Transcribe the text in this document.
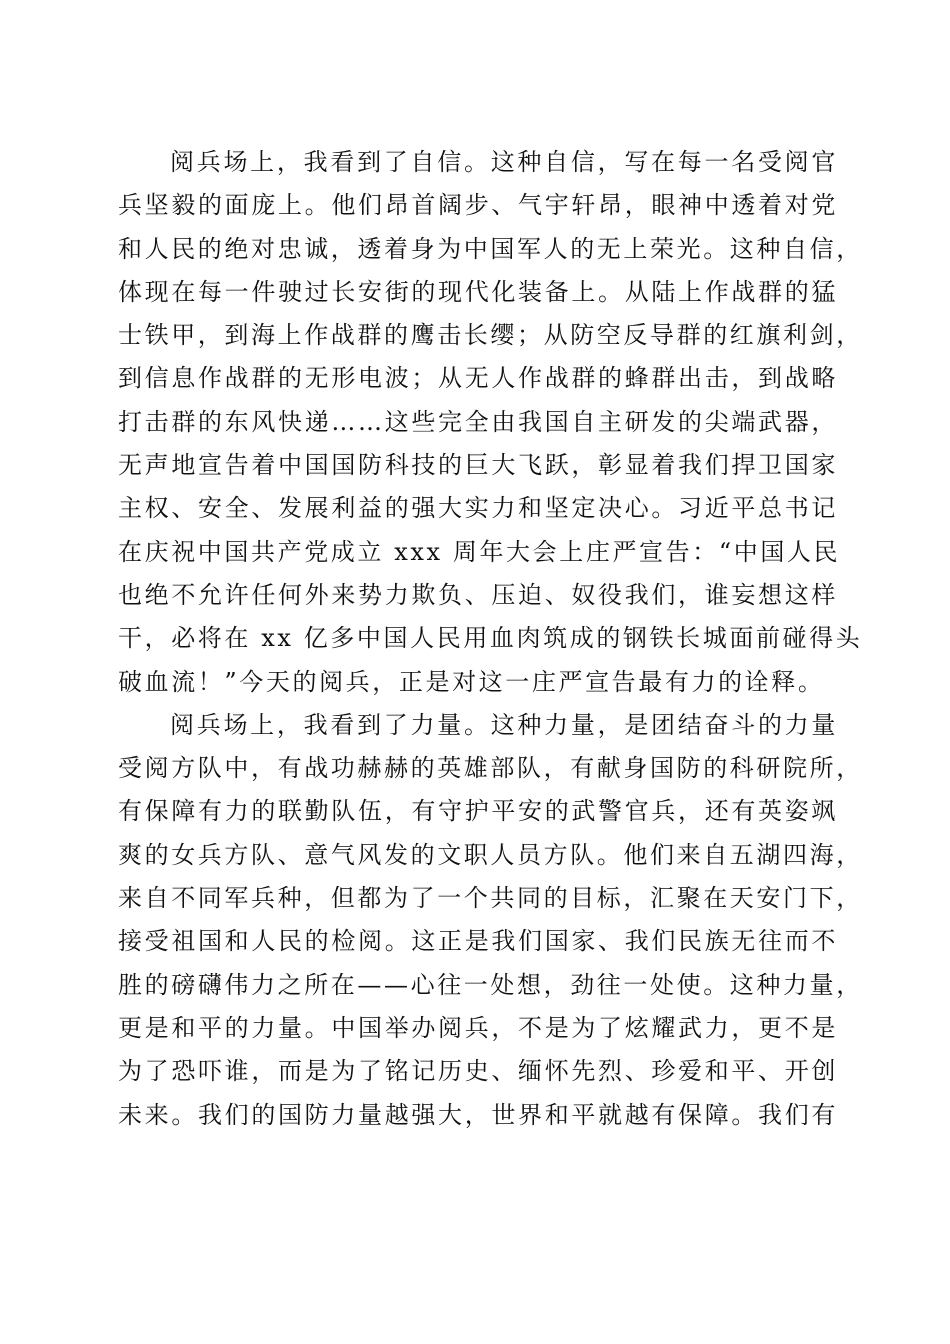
阅兵场上，我看到了自信。这种自信，写在每一名受阅官
兵坚毅的面庞上。他们昂首阔步、气宇轩昂，眼神中透着对党
和人民的绝对忠诚，透着身为中国军人的无上荣光。这种自信，
体现在每一件驶过长安街的现代化装备上。从陆上作战群的猛
士铁甲，到海上作战群的鹰击长缨；从防空反导群的红旗利剑，
到信息作战群的无形电波；从无人作战群的蜂群出击，到战略
打击群的东风快递……这些完全由我国自主研发的尖端武器，
无声地宣告着中国国防科技的巨大飞跃，彰显着我们捍卫国家
主权、安全、发展利益的强大实力和坚定决心。习近平总书记
在庆祝中国共产党成立 xxx 周年大会上庄严宣告：“中国人民
也绝不允许任何外来势力欺负、压迫、奴役我们，谁妄想这样
干，必将在 xx 亿多中国人民用血肉筑成的钢铁长城面前碰得头
破血流！”今天的阅兵，正是对这一庄严宣告最有力的诠释。
阅兵场上，我看到了力量。这种力量，是团结奋斗的力量
受阅方队中，有战功赫赫的英雄部队，有献身国防的科研院所，
有保障有力的联勤队伍，有守护平安的武警官兵，还有英姿飒
爽的女兵方队、意气风发的文职人员方队。他们来自五湖四海，
来自不同军兵种，但都为了一个共同的目标，汇聚在天安门下，
接受祖国和人民的检阅。这正是我们国家、我们民族无往而不
胜的磅礴伟力之所在——心往一处想，劲往一处使。这种力量，
更是和平的力量。中国举办阅兵，不是为了炫耀武力，更不是
为了恐吓谁，而是为了铭记历史、缅怀先烈、珍爱和平、开创
未来。我们的国防力量越强大，世界和平就越有保障。我们有
